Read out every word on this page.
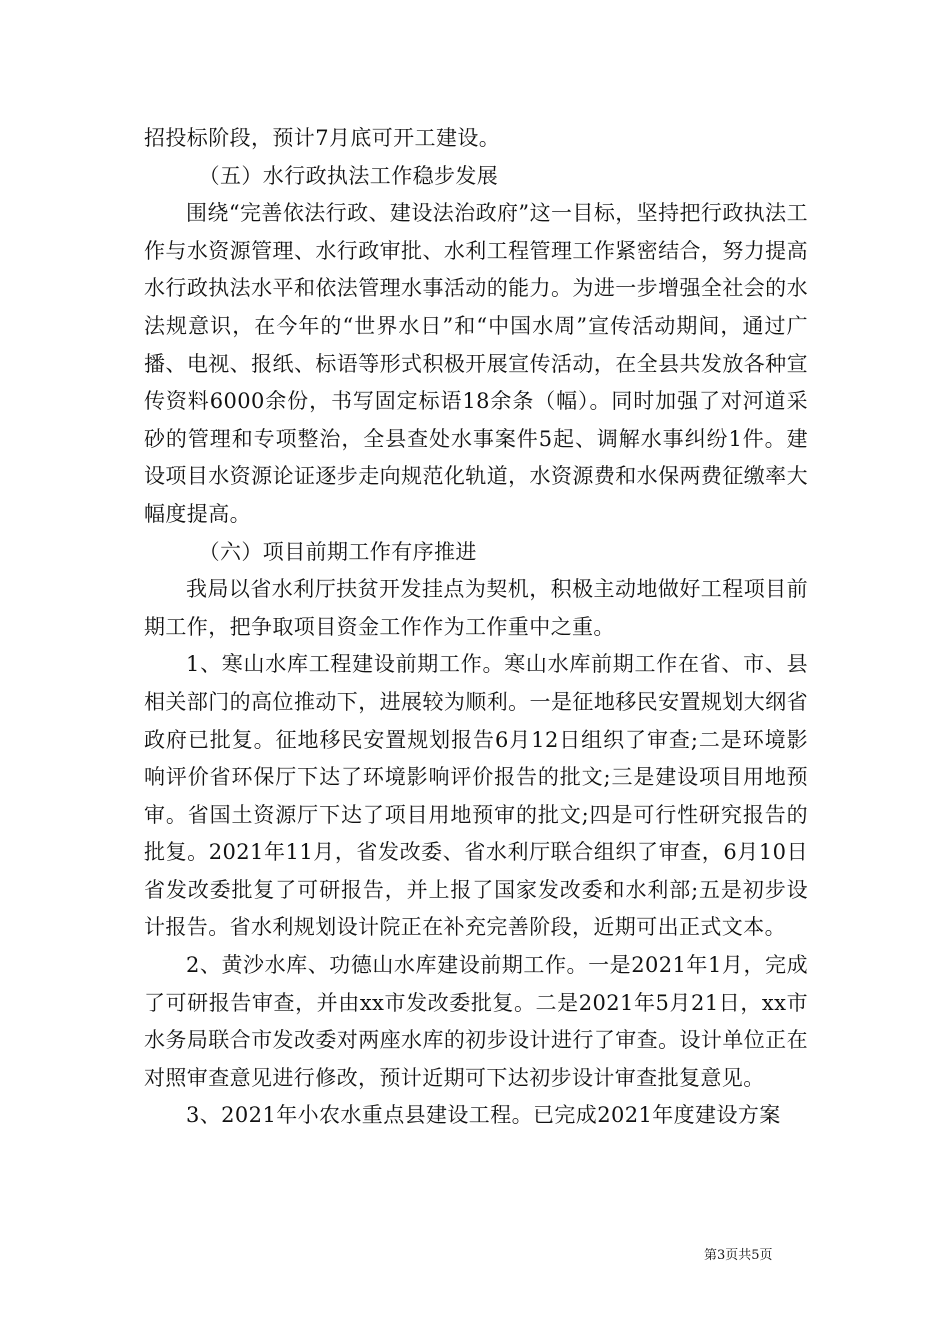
招投标阶段，预计7月底可开工建设。

（五）水行政执法工作稳步发展

围绕“完善依法行政、建设法治政府”这一目标，坚持把行政执法工作与水资源管理、水行政审批、水利工程管理工作紧密结合，努力提高水行政执法水平和依法管理水事活动的能力。为进一步增强全社会的水法规意识，在今年的“世界水日”和“中国水周”宣传活动期间，通过广播、电视、报纸、标语等形式积极开展宣传活动，在全县共发放各种宣传资料6000余份，书写固定标语18余条（幅）。同时加强了对河道采砂的管理和专项整治，全县查处水事案件5起、调解水事纠纷1件。建设项目水资源论证逐步走向规范化轨道，水资源费和水保两费征缴率大幅度提高。

（六）项目前期工作有序推进

我局以省水利厅扶贫开发挂点为契机，积极主动地做好工程项目前期工作，把争取项目资金工作作为工作重中之重。

1、寒山水库工程建设前期工作。寒山水库前期工作在省、市、县相关部门的高位推动下，进展较为顺利。一是征地移民安置规划大纲省政府已批复。征地移民安置规划报告6月12日组织了审查;二是环境影响评价省环保厅下达了环境影响评价报告的批文;三是建设项目用地预审。省国土资源厅下达了项目用地预审的批文;四是可行性研究报告的批复。2021年11月，省发改委、省水利厅联合组织了审查，6月10日省发改委批复了可研报告，并上报了国家发改委和水利部;五是初步设计报告。省水利规划设计院正在补充完善阶段，近期可出正式文本。

2、黄沙水库、功德山水库建设前期工作。一是2021年1月，完成了可研报告审查，并由xx市发改委批复。二是2021年5月21日，xx市水务局联合市发改委对两座水库的初步设计进行了审查。设计单位正在对照审查意见进行修改，预计近期可下达初步设计审查批复意见。

3、2021年小农水重点县建设工程。已完成2021年度建设方案

第3页共5页
